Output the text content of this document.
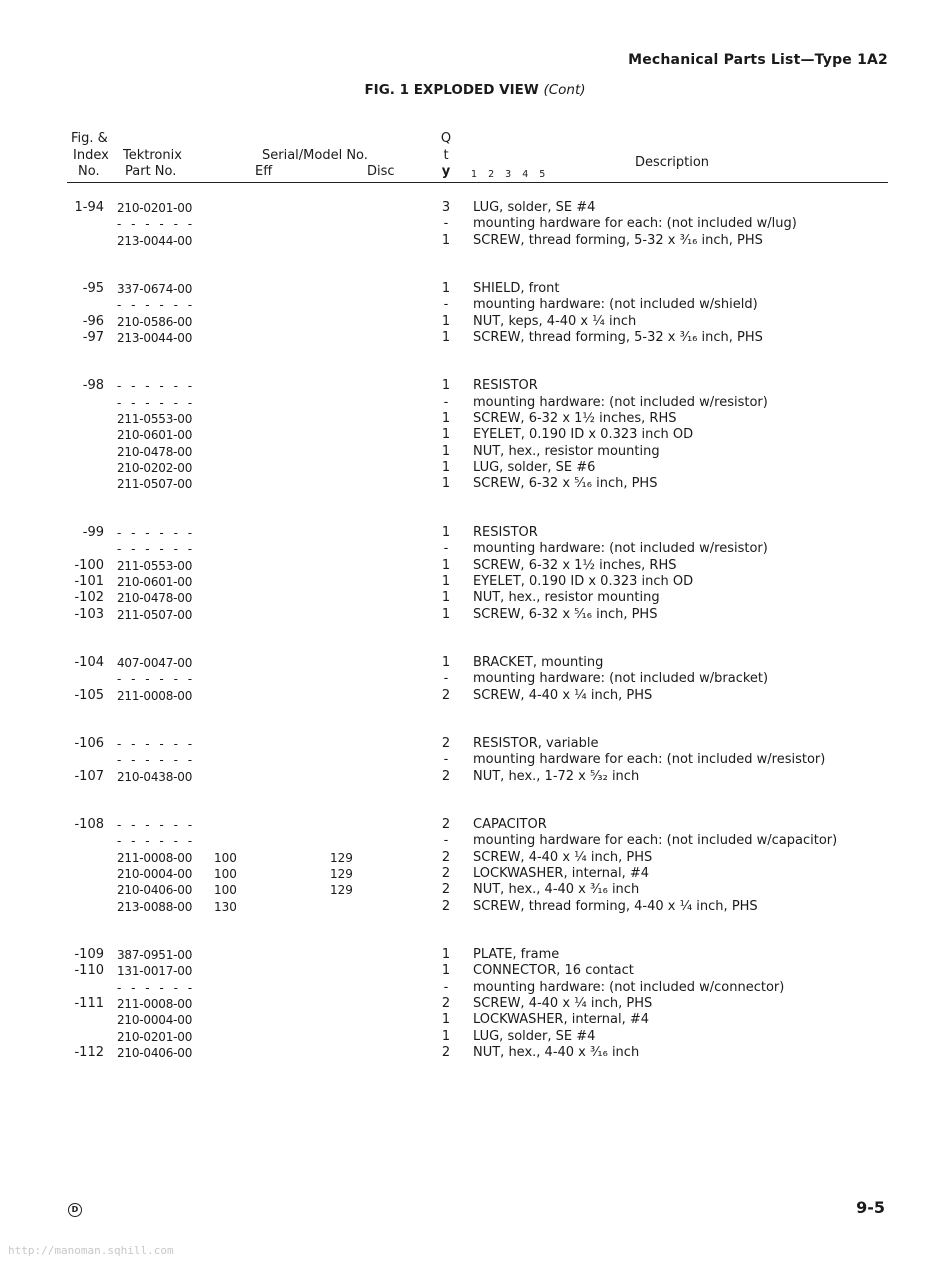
Mechanical Parts List—Type 1A2
FIG. 1 EXPLODED VIEW (Cont)
Fig. &
Index
No.
Tektronix
Part No.
Serial/Model No.
Eff	Disc
Q
t
y 1 2 3 4 5
Description
1-94 210-0201-00	3 LUG, solder, SE #4
- - - - - -	-	mounting hardware for each: (not included w/lug)
213-0044-00	1 SCREW, thread forming, 5-32 x ³⁄₁₆ inch, PHS
-95 337-0674-00	1 SHIELD, front
- - - - - -	-	mounting hardware: (not included w/shield)
-96 210-0586-00	1 NUT, keps, 4-40 x ¼ inch
-97 213-0044-00	1 SCREW, thread forming, 5-32 x ³⁄₁₆ inch, PHS
-98 - - - - - -	1 RESISTOR
- - - - - -	-	mounting hardware: (not included w/resistor)
211-0553-00	1 SCREW, 6-32 x 1½ inches, RHS
210-0601-00	1 EYELET, 0.190 ID x 0.323 inch OD
210-0478-00	1 NUT, hex., resistor mounting
210-0202-00	1 LUG, solder, SE #6
211-0507-00	1 SCREW, 6-32 x ⁵⁄₁₆ inch, PHS
-99 - - - - - -	1 RESISTOR
- - - - - -	-	mounting hardware: (not included w/resistor)
-100 211-0553-00	1 SCREW, 6-32 x 1½ inches, RHS
-101 210-0601-00	1 EYELET, 0.190 ID x 0.323 inch OD
-102 210-0478-00	1 NUT, hex., resistor mounting
-103 211-0507-00	1 SCREW, 6-32 x ⁵⁄₁₆ inch, PHS
-104 407-0047-00	1 BRACKET, mounting
- - - - - -	-	mounting hardware: (not included w/bracket)
-105 211-0008-00	2 SCREW, 4-40 x ¼ inch, PHS
-106 - - - - - -	2 RESISTOR, variable
- - - - - -	-	mounting hardware for each: (not included w/resistor)
-107 210-0438-00	2 NUT, hex., 1-72 x ⁵⁄₃₂ inch
-108 - - - - - -	2 CAPACITOR
- - - - - -	-	mounting hardware for each: (not included w/capacitor)
211-0008-00 100	129	2 SCREW, 4-40 x ¼ inch, PHS
210-0004-00 100	129	2 LOCKWASHER, internal, #4
210-0406-00 100	129	2 NUT, hex., 4-40 x ³⁄₁₆ inch
213-0088-00 130	2 SCREW, thread forming, 4-40 x ¼ inch, PHS
-109 387-0951-00	1 PLATE, frame
-110 131-0017-00	1 CONNECTOR, 16 contact
- - - - - -	-	mounting hardware: (not included w/connector)
-111 211-0008-00	2 SCREW, 4-40 x ¼ inch, PHS
210-0004-00	1 LOCKWASHER, internal, #4
210-0201-00	1 LUG, solder, SE #4
-112 210-0406-00	2 NUT, hex., 4-40 x ³⁄₁₆ inch
D	9-5
http://manoman.sqhill.com
